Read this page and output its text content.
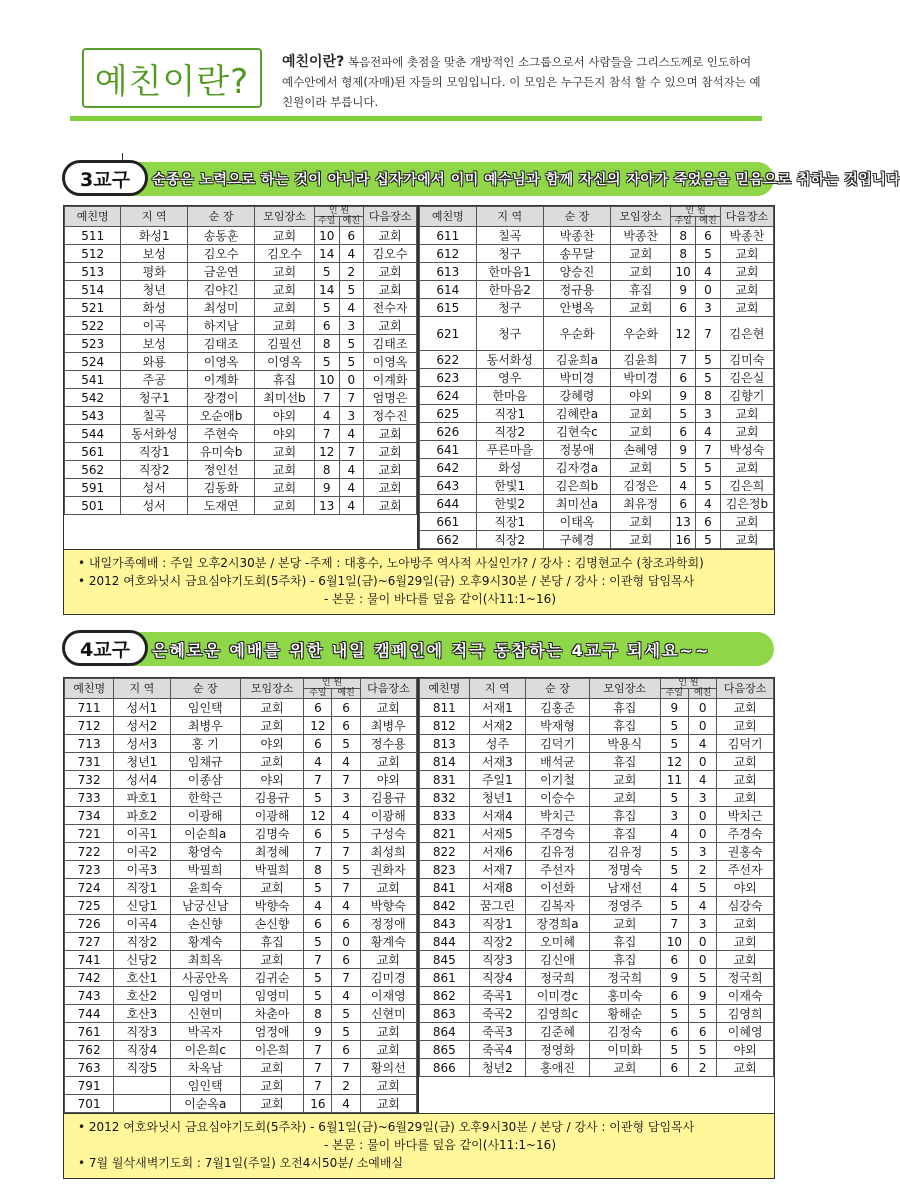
예친이란? 예친이란? 복음전파에 촛점을 맞춘 개방적인 소그룹으로서 사람들을 그리스도께로 인도하여 예수안에서 형제(자매)된 자들의 모임입니다. 이 모임은 누구든지 참석 할 수 있으며 참석자는 예친원이라 부릅니다.
3교구	순종은 노력으로 하는 것이 아니라 십자가에서 이미 예수님과 함께 자신의 자아가 죽었음을 믿음으로 취하는 것입니다
예친명	지 역	순 장	모임장소	인 원		다음장소
				주일	예친	
511	화성1	송동훈	교회	10	6	교회
512	보성	김오수	김오수	14	4	김오수
513	평화	금운연	교회	5	2	교회
514	청년	김야긴	교회	14	5	교회
521	화성	최성미	교회	5	4	전수자
522	이곡	하지남	교회	6	3	교회
523	보성	김태조	김필선	8	5	김태조
524	와룡	이영옥	이영옥	5	5	이영옥
541	주공	이계화	휴집	10	0	이계화
542	청구1	장경이	최미선b	7	7	엄명은
543	칠곡	오순애b	야외	4	3	정수진
544	동서화성	주현숙	야외	7	4	교회
561	직장1	유미숙b	교회	12	7	교회
562	직장2	정인선	교회	8	4	교회
591	성서	김동화	교회	9	4	교회
501	성서	도재연	교회	13	4	교회
예친명	지 역	순 장	모임장소	인 원		다음장소
				주일	예친	
611	칠곡	박종찬	박종찬	8	6	박종찬
612	청구	송무달	교회	8	5	교회
613	한마음1	양승진	교회	10	4	교회
614	한마음2	정규용	휴집	9	0	교회
615	청구	안병옥	교회	6	3	교회
621	청구	우순화	우순화	12	7	김은현
622	동서화성	김윤희a	김윤희	7	5	김미숙
623	영우	박미경	박미경	6	5	김은실
624	한마음	강혜령	야외	9	8	김향기
625	직장1	김혜란a	교회	5	3	교회
626	직장2	김현숙c	교회	6	4	교회
641	푸른마을	정봉애	손혜영	9	7	박성숙
642	화성	김자경a	교회	5	5	교회
643	한빛1	김은희b	김정은	4	5	김은희
644	한빛2	최미선a	최유정	6	4	김은정b
661	직장1	이태옥	교회	13	6	교회
662	직장2	구혜경	교회	16	5	교회
• 내일가족예배 : 주일 오후2시30분 / 본당 -주제 : 대홍수, 노아방주 역사적 사실인가? / 강사 : 김명현교수 (창조과학회)
• 2012 여호와닛시 금요심야기도회(5주차) - 6월1일(금)~6월29일(금) 오후9시30분 / 본당 / 강사 : 이관형 담임목사
- 본문 : 물이 바다를 덮음 같이(사11:1~16)
4교구	은혜로운 예배를 위한 내일 캠페인에 적극 동참하는 4교구 되세요~~
예친명	지 역	순 장	모임장소	인 원		다음장소
				주일	예친	
711	성서1	임인택	교회	6	6	교회
712	성서2	최병우	교회	12	6	최병우
713	성서3	홍 기	야외	6	5	정수용
731	청년1	임채규	교회	4	4	교회
732	성서4	이종삼	야외	7	7	야외
733	파호1	한학근	김용규	5	3	김용규
734	파호2	이광해	이광해	12	4	이광해
721	이곡1	이순희a	김명숙	6	5	구성숙
722	이곡2	황영숙	최정혜	7	7	최성희
723	이곡3	박필희	박필희	8	5	권화자
724	직장1	윤희숙	교회	5	7	교회
725	신당1	남궁신남	박향숙	4	4	박향숙
726	이곡4	손신향	손신향	6	6	정정애
727	직장2	황계숙	휴집	5	0	황계숙
741	신당2	최희옥	교회	7	6	교회
742	호산1	사공안옥	김귀순	5	7	김미경
743	호산2	임영미	임영미	5	4	이재영
744	호산3	신현미	차춘아	8	5	신현미
761	직장3	박곡자	엄정애	9	5	교회
762	직장4	이은희c	이은희	7	6	교회
763	직장5	차옥남	교회	7	7	황의선
791		임인택	교회	7	2	교회
701		이순옥a	교회	16	4	교회
예친명	지 역	순 장	모임장소	인 원		다음장소
				주일	예친	
811	서재1	김홍준	휴집	9	0	교회
812	서재2	박재형	휴집	5	0	교회
813	성주	김덕기	박용식	5	4	김덕기
814	서재3	배석균	휴집	12	0	교회
831	주일1	이기철	교회	11	4	교회
832	청년1	이승수	교회	5	3	교회
833	서재4	박치근	휴집	3	0	박치근
821	서재5	주경숙	휴집	4	0	주경숙
822	서재6	김유정	김유정	5	3	권홍숙
823	서재7	주선자	정명숙	5	2	주선자
841	서재8	이선화	남재선	4	5	야외
842	꿈그린	김복자	정영주	5	4	심강숙
843	직장1	장경희a	교회	7	3	교회
844	직장2	오미혜	휴집	10	0	교회
845	직장3	김신애	휴집	6	0	교회
861	직장4	정국희	정국희	9	5	정국희
862	죽곡1	이미경c	홍미숙	6	9	이재숙
863	죽곡2	김영희c	황해순	5	5	김영희
864	죽곡3	김준혜	김정숙	6	6	이혜영
865	죽곡4	정영화	이미화	5	5	야외
866	청년2	홍애진	교회	6	2	교회
• 2012 여호와닛시 금요심야기도회(5주차) - 6월1일(금)~6월29일(금) 오후9시30분 / 본당 / 강사 : 이관형 담임목사
- 본문 : 물이 바다를 덮음 같이(사11:1~16)
• 7월 월삭새벽기도회 : 7월1일(주일) 오전4시50분/ 소예배실
